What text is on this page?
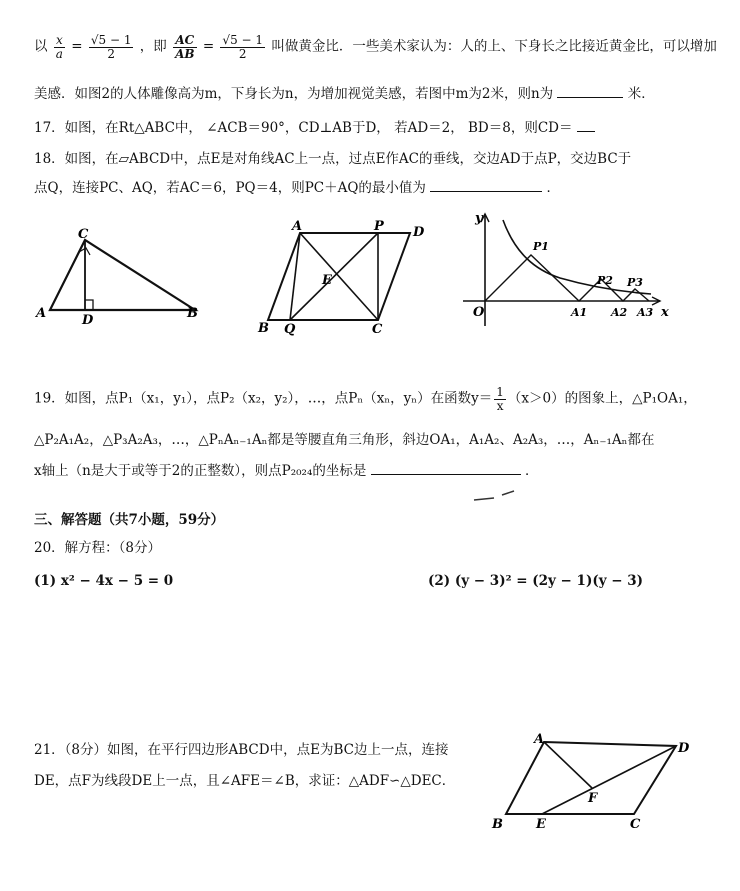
以 $\frac{x}{a} = \frac{√5 - 1}{2}$ ，即 $\frac{AC}{AB} = \frac{√5 - 1}{2}$ 叫做黄金比．一些美术家认为：人的上、下身长之比接近黄金比，可以增加
美感．如图2的人体雕像高为m，下身长为n，为增加视觉美感，若图中m为2米，则n为	米．
17．如图，在Rt△ABC中， ∠ACB＝90°，CD⊥AB于D， 若AD＝2， BD＝8，则CD＝
18．如图，在▱ABCD中，点E是对角线AC上一点，过点E作AC的垂线，交边AD于点P，交边BC于
点Q，连接PC、AQ，若AC＝6，PQ＝4，则PC＋AQ的最小值为	．
C
A	D	B
A	P D
E
B Q	C
y
O
P1
P2 P3
A1 A2 A3 x
19．如图，点P₁（x₁，y₁），点P₂（x₂，y₂），…，点Pₙ（xₙ，yₙ）在函数$y= \frac{1}{x} (x>0)$的图象上，△P₁OA₁，
△P₂A₁A₂，△P₃A₂A₃，…，△PₙAₙ₋₁Aₙ都是等腰直角三角形，斜边OA₁，A₁A₂、A₂A₃，…，Aₙ₋₁Aₙ都在
x轴上（n是大于或等于2的正整数），则点P₂₀₂₄的坐标是	．
三、解答题（共7小题，59分）
20．解方程：（8分）
(1) x² − 4x − 5 = 0	(2) (y − 3)² = (2y − 1)(y − 3)
21．（8分）如图，在平行四边形ABCD中，点E为BC边上一点，连接
DE，点F为线段DE上一点，且∠AFE＝∠B，求证：△ADF∽△DEC．
A
D
F
B	E	C
